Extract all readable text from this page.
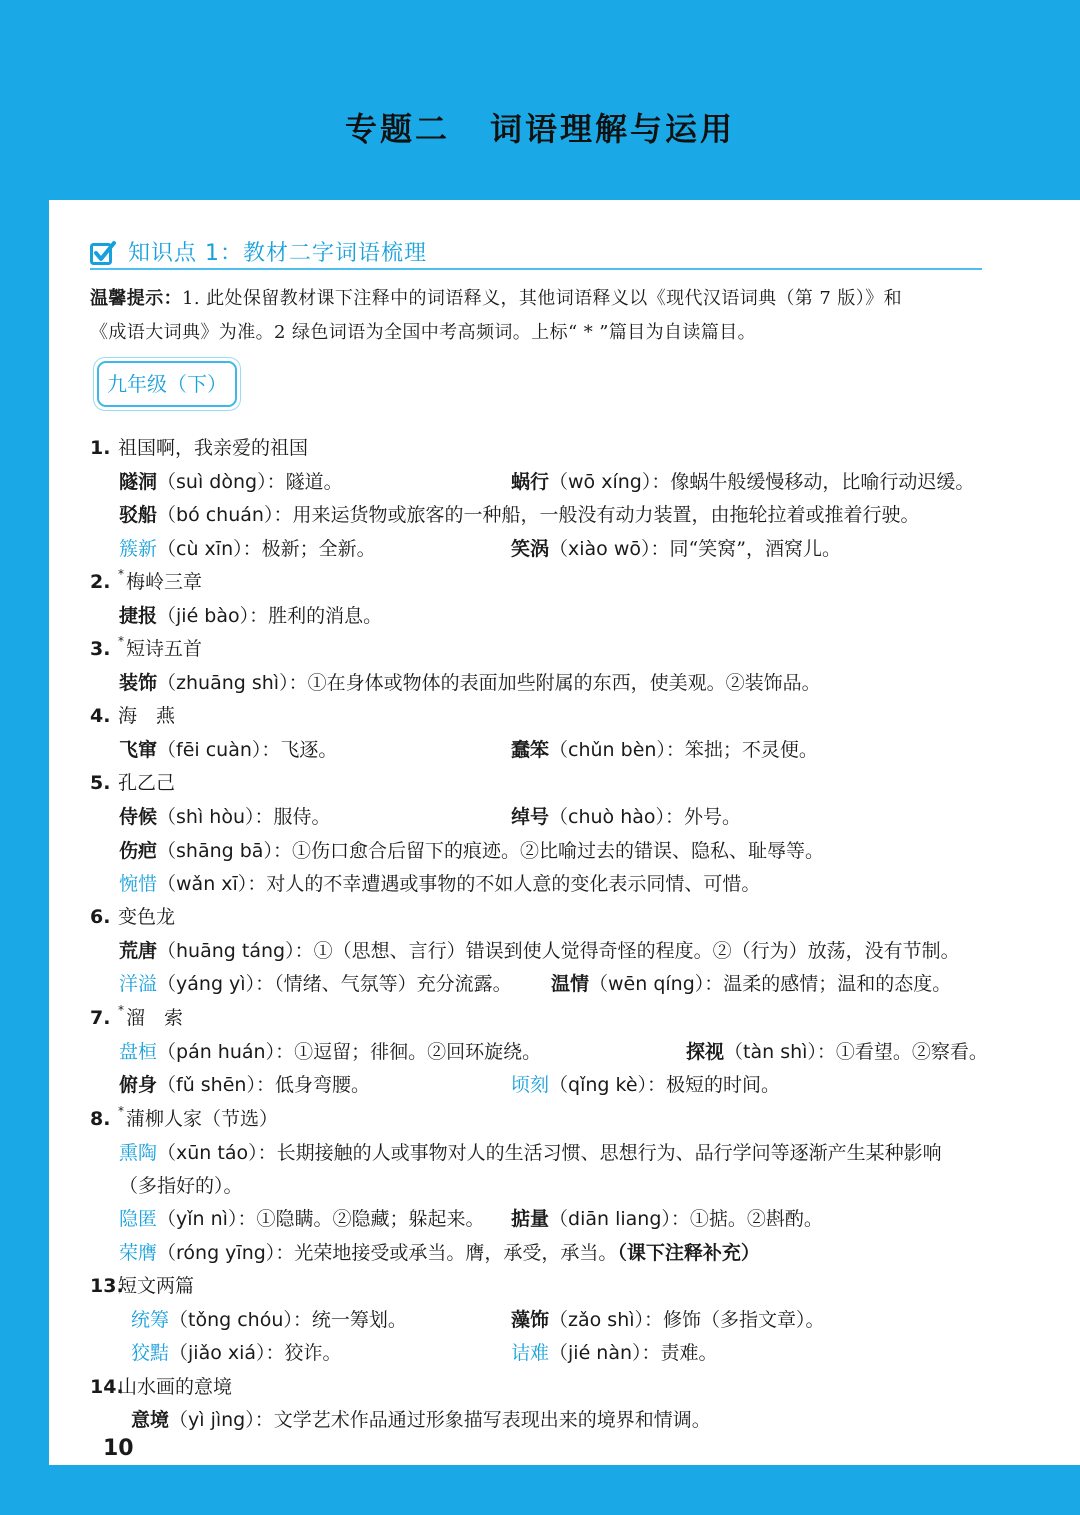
专题二 词语理解与运用
知识点 1：教材二字词语梳理
温馨提示：1. 此处保留教材课下注释中的词语释义，其他词语释义以《现代汉语词典（第 7 版）》和
《成语大词典》为准。2 绿色词语为全国中考高频词。上标“ * ”篇目为自读篇目。
九年级（下）
1. 祖国啊，我亲爱的祖国
2. * 梅岭三章
3. * 短诗五首
4. 海　燕
5. 孔乙己
6. 变色龙
7. * 溜　索
8. * 蒲柳人家（节选）
13.短文两篇
14.山水画的意境
隧洞（suì dòng）：隧道。	蜗行（wō xíng）：像蜗牛般缓慢移动，比喻行动迟缓。
驳船（bó chuán）：用来运货物或旅客的一种船，一般没有动力装置，由拖轮拉着或推着行驶。
簇新（cù xīn）：极新；全新。	笑涡（xiào wō）：同“笑窝”，酒窝儿。
捷报（jié bào）：胜利的消息。
装饰（zhuāng shì）：①在身体或物体的表面加些附属的东西，使美观。②装饰品。
飞窜（fēi cuàn）：飞逐。	蠢笨（chǔn bèn）：笨拙；不灵便。
侍候（shì hòu）：服侍。	绰号（chuò hào）：外号。
伤疤（shāng bā）：①伤口愈合后留下的痕迹。②比喻过去的错误、隐私、耻辱等。
惋惜（wǎn xī）：对人的不幸遭遇或事物的不如人意的变化表示同情、可惜。
荒唐（huāng táng）：①（思想、言行）错误到使人觉得奇怪的程度。②（行为）放荡，没有节制。
洋溢（yáng yì）：（情绪、气氛等）充分流露。 温情（wēn qíng）：温柔的感情；温和的态度。
盘桓（pán huán）：①逗留；徘徊。②回环旋绕。	探视（tàn shì）：①看望。②察看。
俯身（fǔ shēn）：低身弯腰。	顷刻（qǐng kè）：极短的时间。
熏陶（xūn táo）：长期接触的人或事物对人的生活习惯、思想行为、品行学问等逐渐产生某种影响
（多指好的）。
隐匿（yǐn nì）：①隐瞒。②隐藏；躲起来。 掂量（diān liang）：①掂。②斟酌。
荣膺（róng yīng）：光荣地接受或承当。膺，承受，承当。（课下注释补充）
统筹（tǒng chóu）：统一筹划。	藻饰（zǎo shì）：修饰（多指文章）。
狡黠（jiǎo xiá）：狡诈。	诘难（jié nàn）：责难。
意境（yì jìng）：文学艺术作品通过形象描写表现出来的境界和情调。
10
